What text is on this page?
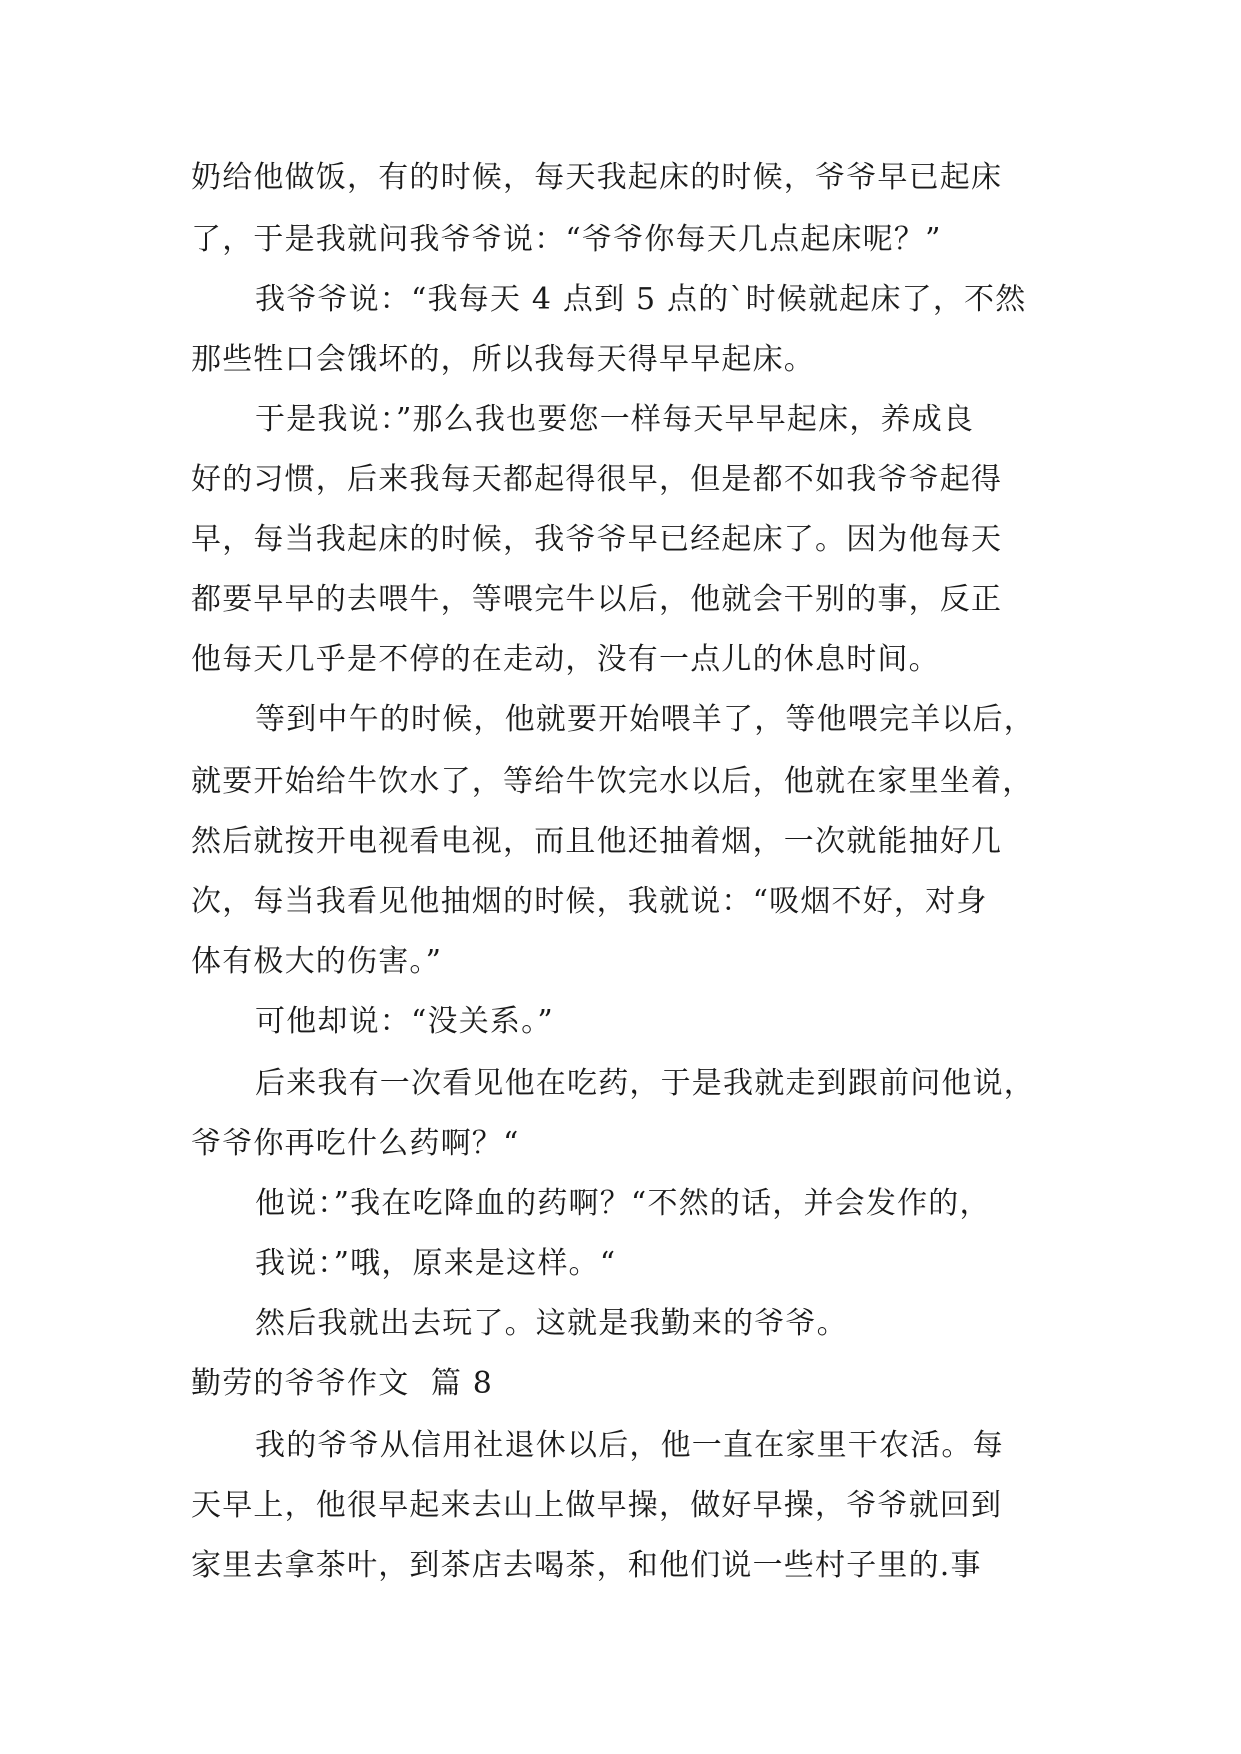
奶给他做饭，有的时候，每天我起床的时候，爷爷早已起床
了，于是我就问我爷爷说：“爷爷你每天几点起床呢？”
我爷爷说：“我每天 4 点到 5 点的`时候就起床了，不然
那些牲口会饿坏的，所以我每天得早早起床。
于是我说：”那么我也要您一样每天早早起床，养成良
好的习惯，后来我每天都起得很早，但是都不如我爷爷起得
早，每当我起床的时候，我爷爷早已经起床了。因为他每天
都要早早的去喂牛，等喂完牛以后，他就会干别的事，反正
他每天几乎是不停的在走动，没有一点儿的休息时间。
等到中午的时候，他就要开始喂羊了，等他喂完羊以后，
就要开始给牛饮水了，等给牛饮完水以后，他就在家里坐着，
然后就按开电视看电视，而且他还抽着烟，一次就能抽好几
次，每当我看见他抽烟的时候，我就说：“吸烟不好，对身
体有极大的伤害。”
可他却说：“没关系。”
后来我有一次看见他在吃药，于是我就走到跟前问他说，
爷爷你再吃什么药啊？“
他说：”我在吃降血的药啊？“不然的话，并会发作的，
我说：”哦，原来是这样。“
然后我就出去玩了。这就是我勤来的爷爷。
勤劳的爷爷作文  篇 8
我的爷爷从信用社退休以后，他一直在家里干农活。每
天早上，他很早起来去山上做早操，做好早操，爷爷就回到
家里去拿茶叶，到茶店去喝茶，和他们说一些村子里的.事
